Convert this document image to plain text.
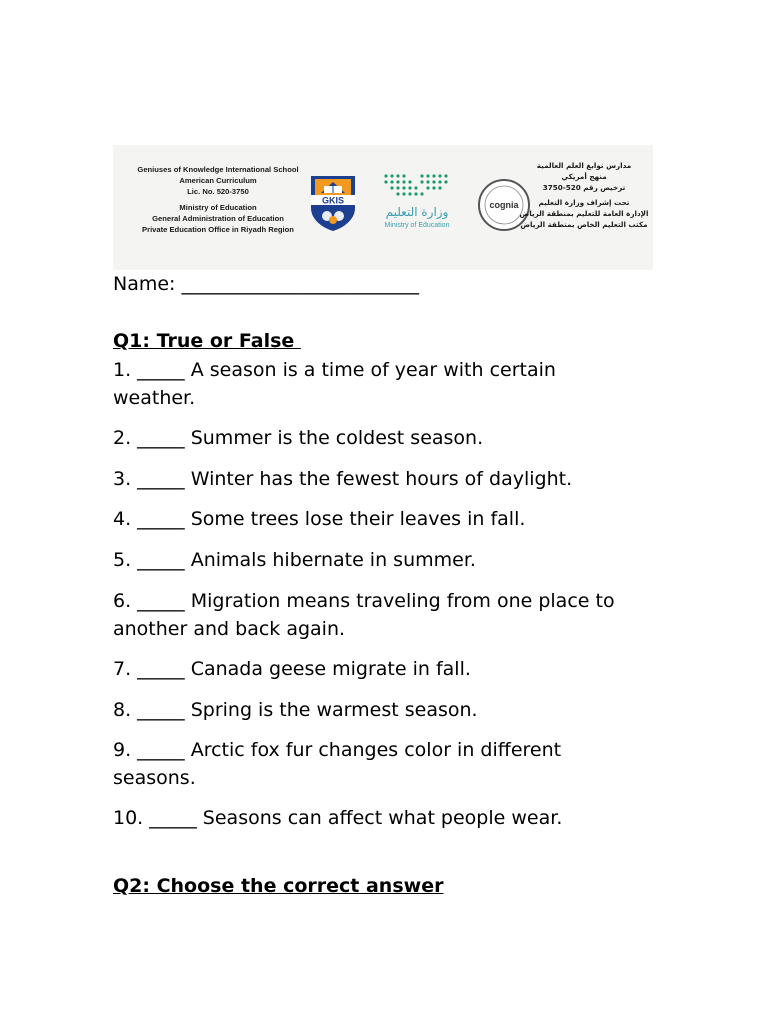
Geniuses of Knowledge International School
American Curriculum
Lic. No. 520-3750
Ministry of Education
General Administration of Education
Private Education Office in Riyadh Region
GKIS
وزارة التعليم
Ministry of Education
cognia
مدارس نوابغ العلم العالمية
منهج أمريكي
ترخيص رقم 520-3750
تحت إشراف وزارة التعليم
الإدارة العامة للتعليم بمنطقة الرياض
مكتب التعليم الخاص بمنطقة الرياض
Name: _________________________
Q1: True or False
1. _____ A season is a time of year with certain
weather.
2. _____ Summer is the coldest season.
3. _____ Winter has the fewest hours of daylight.
4. _____ Some trees lose their leaves in fall.
5. _____ Animals hibernate in summer.
6. _____ Migration means traveling from one place to
another and back again.
7. _____ Canada geese migrate in fall.
8. _____ Spring is the warmest season.
9. _____ Arctic fox fur changes color in different
seasons.
10. _____ Seasons can affect what people wear.
Q2: Choose the correct answer
